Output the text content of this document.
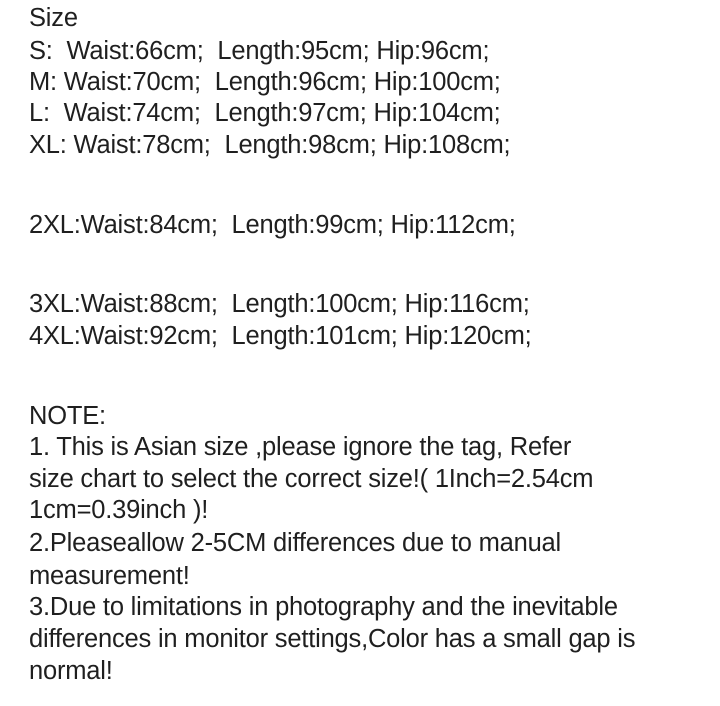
Size
S:  Waist:66cm;  Length:95cm; Hip:96cm;
M: Waist:70cm;  Length:96cm; Hip:100cm;
L:  Waist:74cm;  Length:97cm; Hip:104cm;
XL: Waist:78cm;  Length:98cm; Hip:108cm;
2XL:Waist:84cm;  Length:99cm; Hip:112cm;
3XL:Waist:88cm;  Length:100cm; Hip:116cm;
4XL:Waist:92cm;  Length:101cm; Hip:120cm;
NOTE:
1. This is Asian size ,please ignore the tag, Refer
size chart to select the correct size!( 1Inch=2.54cm
1cm=0.39inch )!
2.Pleaseallow 2-5CM differences due to manual
measurement!
3.Due to limitations in photography and the inevitable
differences in monitor settings,Color has a small gap is
normal!
